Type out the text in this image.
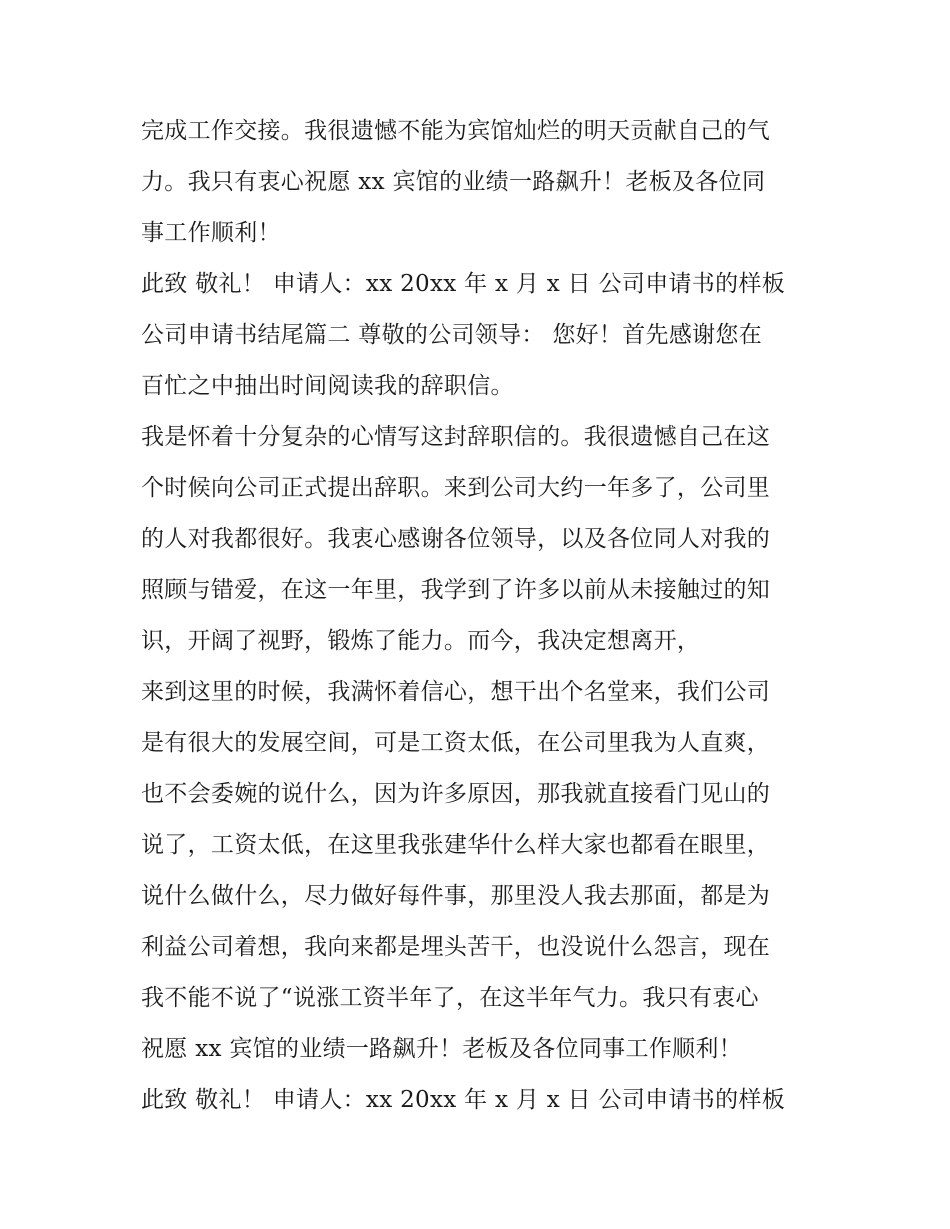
完成工作交接。我很遗憾不能为宾馆灿烂的明天贡献自己的气
力。我只有衷心祝愿 xx 宾馆的业绩一路飙升！老板及各位同
事工作顺利！
此致 敬礼！ 申请人：xx 20xx 年 x 月 x 日 公司申请书的样板
公司申请书结尾篇二 尊敬的公司领导： 您好！首先感谢您在
百忙之中抽出时间阅读我的辞职信。
我是怀着十分复杂的心情写这封辞职信的。我很遗憾自己在这
个时候向公司正式提出辞职。来到公司大约一年多了，公司里
的人对我都很好。我衷心感谢各位领导，以及各位同人对我的
照顾与错爱，在这一年里，我学到了许多以前从未接触过的知
识，开阔了视野，锻炼了能力。而今，我决定想离开，
来到这里的时候，我满怀着信心，想干出个名堂来，我们公司
是有很大的发展空间，可是工资太低，在公司里我为人直爽，
也不会委婉的说什么，因为许多原因，那我就直接看门见山的
说了，工资太低，在这里我张建华什么样大家也都看在眼里，
说什么做什么，尽力做好每件事，那里没人我去那面，都是为
利益公司着想，我向来都是埋头苦干，也没说什么怨言，现在
我不能不说了“说涨工资半年了，在这半年气力。我只有衷心
祝愿 xx 宾馆的业绩一路飙升！老板及各位同事工作顺利！
此致 敬礼！ 申请人：xx 20xx 年 x 月 x 日 公司申请书的样板
